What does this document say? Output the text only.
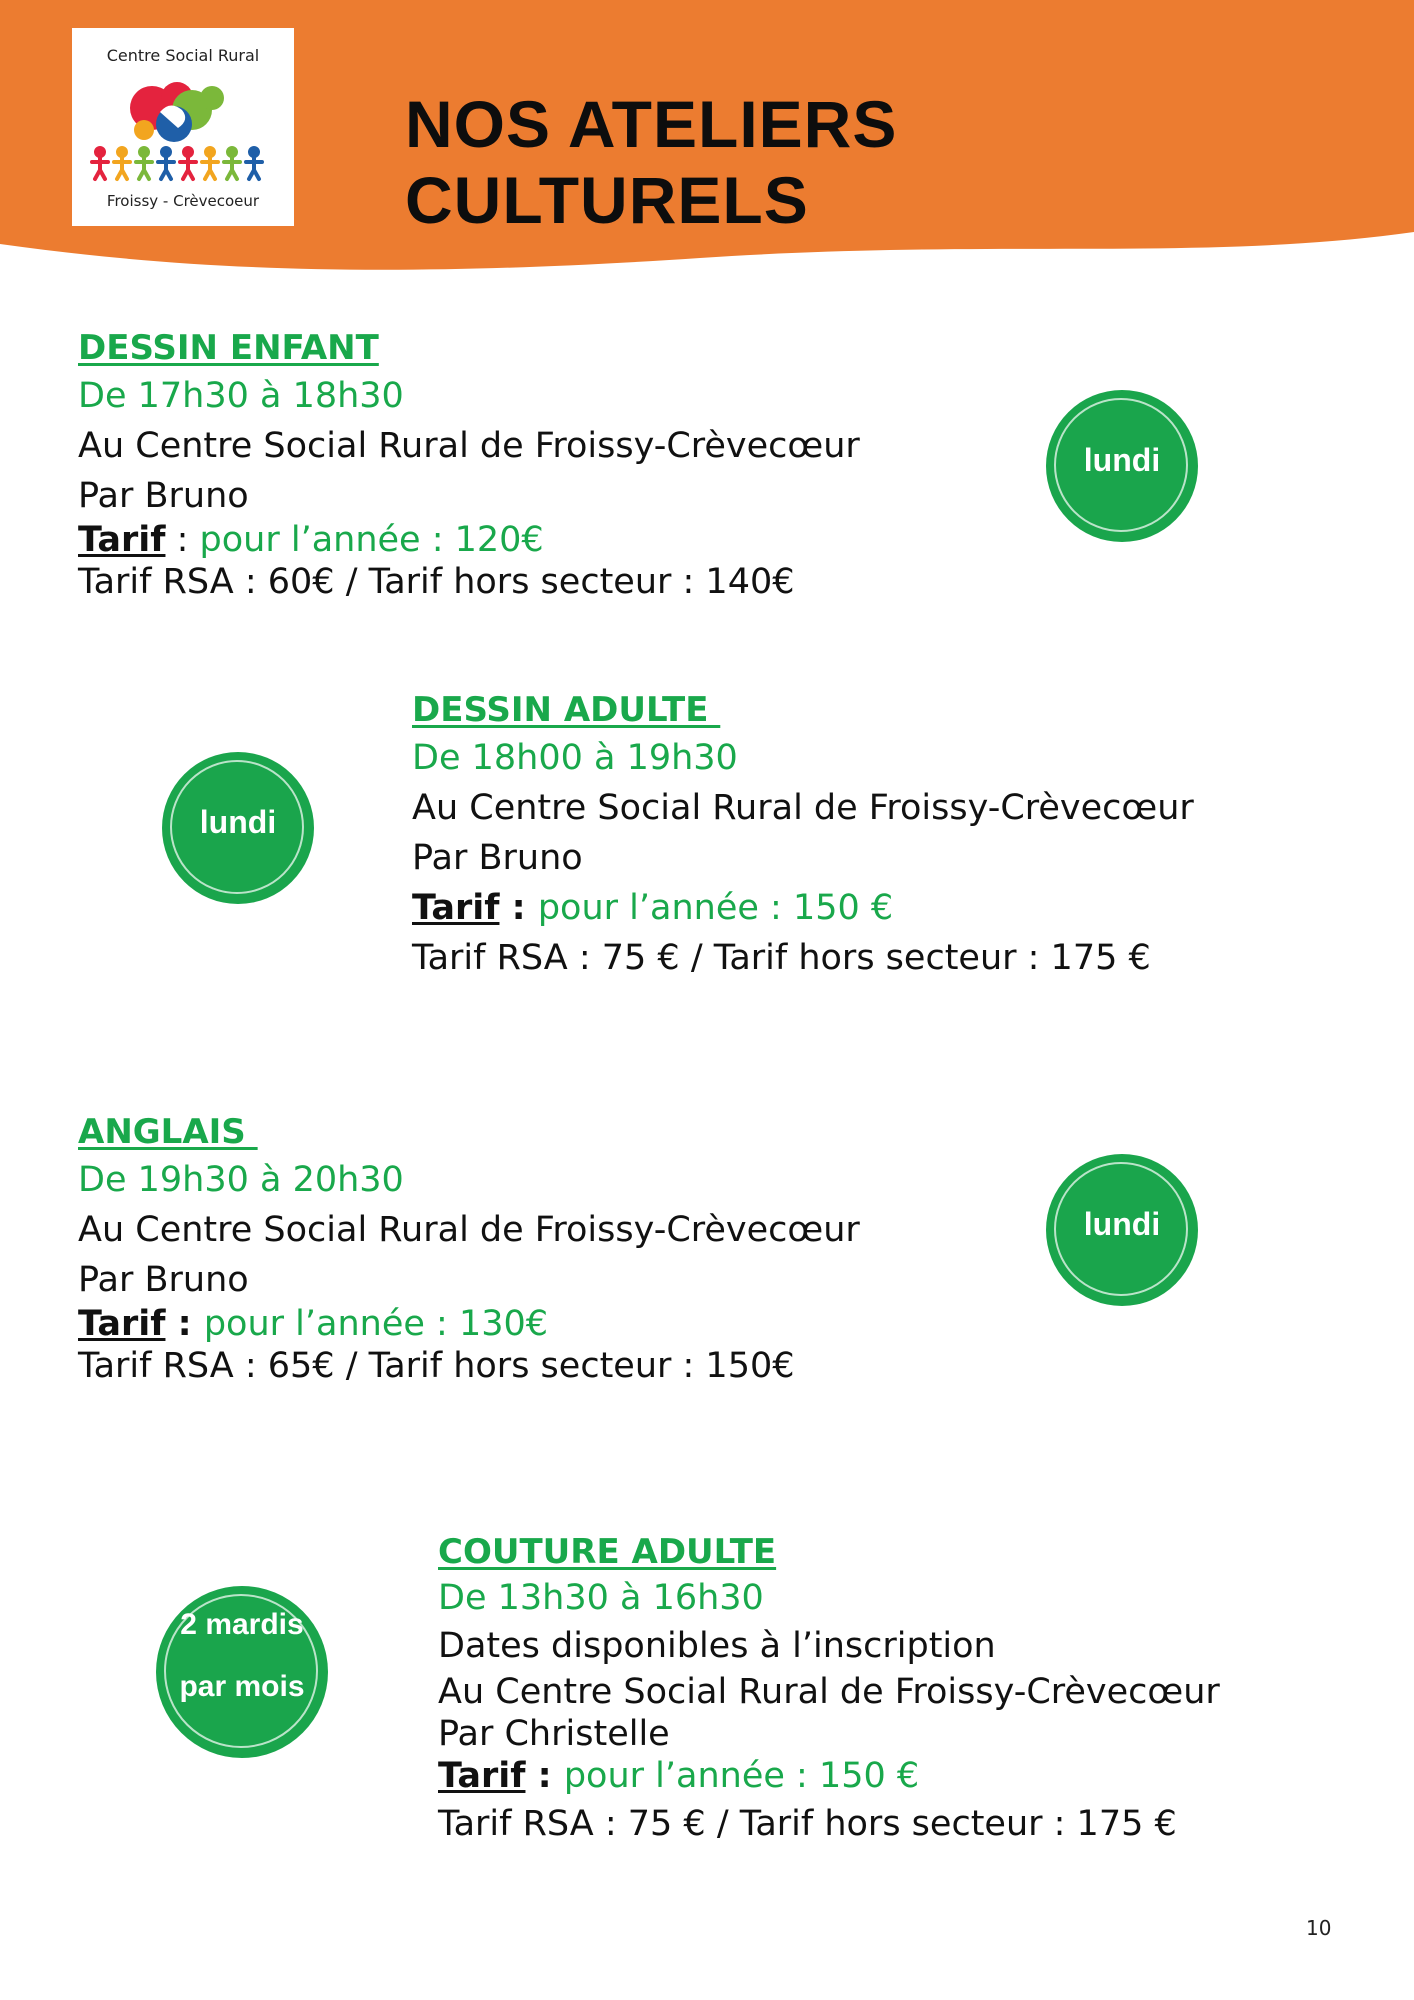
Centre Social Rural
Froissy - Crèvecoeur
NOS ATELIERS CULTURELS
DESSIN ENFANT
De 17h30 à 18h30
Au Centre Social Rural de Froissy-Crèvecœur
Par Bruno
Tarif : pour l’année : 120€
Tarif RSA : 60€ / Tarif hors secteur : 140€
lundi
DESSIN ADULTE
De 18h00 à 19h30
Au Centre Social Rural de Froissy-Crèvecœur
Par Bruno
Tarif : pour l’année : 150 €
Tarif RSA : 75 € / Tarif hors secteur : 175 €
lundi
ANGLAIS
De 19h30 à 20h30
Au Centre Social Rural de Froissy-Crèvecœur
Par Bruno
Tarif : pour l’année : 130€
Tarif RSA : 65€ / Tarif hors secteur : 150€
lundi
COUTURE ADULTE
De 13h30 à 16h30
Dates disponibles à l’inscription
Au Centre Social Rural de Froissy-Crèvecœur
Par Christelle
Tarif : pour l’année : 150 €
Tarif RSA : 75 € / Tarif hors secteur : 175 €
2 mardis
par mois
10
